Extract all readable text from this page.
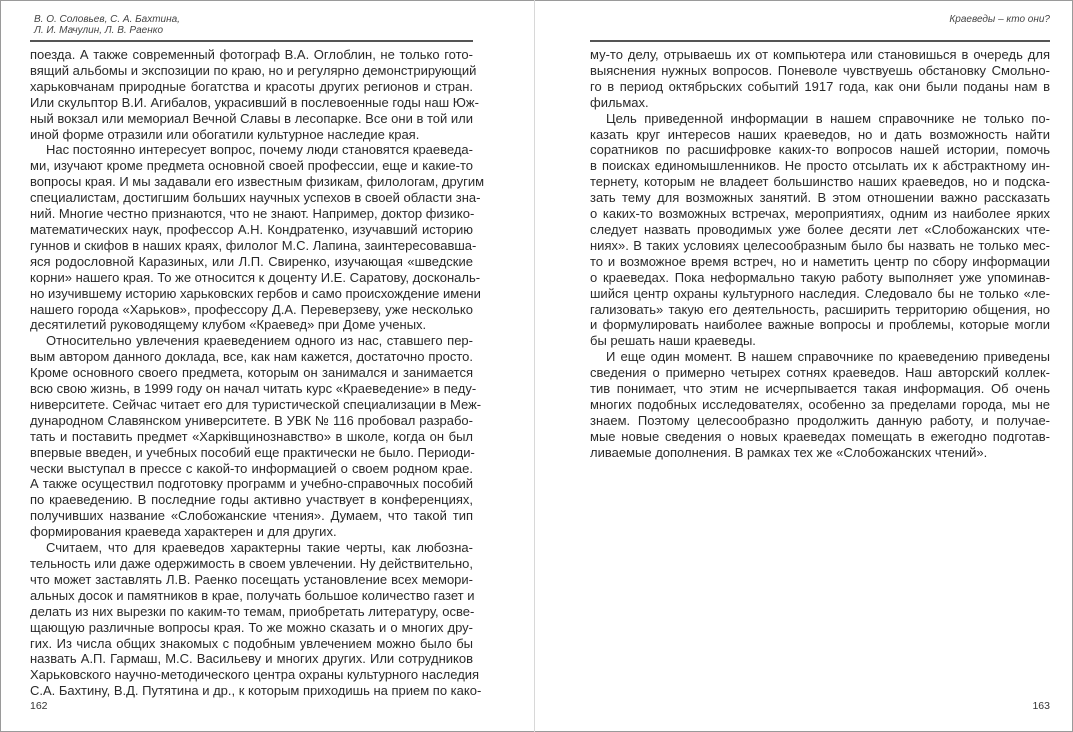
В. О. Соловьев, С. А. Бахтина,
Л. И. Мачулин, Л. В. Раенко
поезда. А также современный фотограф В.А. Оглоблин, не только гото-
вящий альбомы и экспозиции по краю, но и регулярно демонстрирующий
харьковчанам природные богатства и красоты других регионов и стран.
Или скульптор В.И. Агибалов, украсивший в послевоенные годы наш Юж-
ный вокзал или мемориал Вечной Славы в лесопарке. Все они в той или
иной форме отразили или обогатили культурное наследие края.
Нас постоянно интересует вопрос, почему люди становятся краеведа-
ми, изучают кроме предмета основной своей профессии, еще и какие-то
вопросы края. И мы задавали его известным физикам, филологам, другим
специалистам, достигшим больших научных успехов в своей области зна-
ний. Многие честно признаются, что не знают. Например, доктор физико-
математических наук, профессор А.Н. Кондратенко, изучавший историю
гуннов и скифов в наших краях, филолог М.С. Лапина, заинтересовавша-
яся родословной Каразиных, или Л.П. Свиренко, изучающая «шведские
корни» нашего края. То же относится к доценту И.Е. Саратову, доскональ-
но изучившему историю харьковских гербов и само происхождение имени
нашего города «Харьков», профессору Д.А. Переверзеву, уже несколько
десятилетий руководящему клубом «Краевед» при Доме ученых.
Относительно увлечения краеведением одного из нас, ставшего пер-
вым автором данного доклада, все, как нам кажется, достаточно просто.
Кроме основного своего предмета, которым он занимался и занимается
всю свою жизнь, в 1999 году он начал читать курс «Краеведение» в педу-
ниверситете. Сейчас читает его для туристической специализации в Меж-
дународном Славянском университете. В УВК № 116 пробовал разрабо-
тать и поставить предмет «Харківщинознавство» в школе, когда он был
впервые введен, и учебных пособий еще практически не было. Периоди-
чески выступал в прессе с какой-то информацией о своем родном крае.
А также осуществил подготовку программ и учебно-справочных пособий
по краеведению. В последние годы активно участвует в конференциях,
получивших название «Слобожанские чтения». Думаем, что такой тип
формирования краеведа характерен и для других.
Считаем, что для краеведов характерны такие черты, как любозна-
тельность или даже одержимость в своем увлечении. Ну действительно,
что может заставлять Л.В. Раенко посещать установление всех мемори-
альных досок и памятников в крае, получать большое количество газет и
делать из них вырезки по каким-то темам, приобретать литературу, осве-
щающую различные вопросы края. То же можно сказать и о многих дру-
гих. Из числа общих знакомых с подобным увлечением можно было бы
назвать А.П. Гармаш, М.С. Васильеву и многих других. Или сотрудников
Харьковского научно-методического центра охраны культурного наследия
С.А. Бахтину, В.Д. Путятина и др., к которым приходишь на прием по како-
162
Краеведы – кто они?
му-то делу, отрываешь их от компьютера или становишься в очередь для
выяснения нужных вопросов. Поневоле чувствуешь обстановку Смольно-
го в период октябрьских событий 1917 года, как они были поданы нам в
фильмах.
Цель приведенной информации в нашем справочнике не только по-
казать круг интересов наших краеведов, но и дать возможность найти
соратников по расшифровке каких-то вопросов нашей истории, помочь
в поисках единомышленников. Не просто отсылать их к абстрактному ин-
тернету, которым не владеет большинство наших краеведов, но и подска-
зать тему для возможных занятий. В этом отношении важно рассказать
о каких-то возможных встречах, мероприятиях, одним из наиболее ярких
следует назвать проводимых уже более десяти лет «Слобожанских чте-
ниях». В таких условиях целесообразным было бы назвать не только мес-
то и возможное время встреч, но и наметить центр по сбору информации
о краеведах. Пока неформально такую работу выполняет уже упоминав-
шийся центр охраны культурного наследия. Следовало бы не только «ле-
гализовать» такую его деятельность, расширить территорию общения, но
и формулировать наиболее важные вопросы и проблемы, которые могли
бы решать наши краеведы.
И еще один момент. В нашем справочнике по краеведению приведены
сведения о примерно четырех сотнях краеведов. Наш авторский коллек-
тив понимает, что этим не исчерпывается такая информация. Об очень
многих подобных исследователях, особенно за пределами города, мы не
знаем. Поэтому целесообразно продолжить данную работу, и получае-
мые новые сведения о новых краеведах помещать в ежегодно подготав-
ливаемые дополнения. В рамках тех же «Слобожанских чтений».
163
